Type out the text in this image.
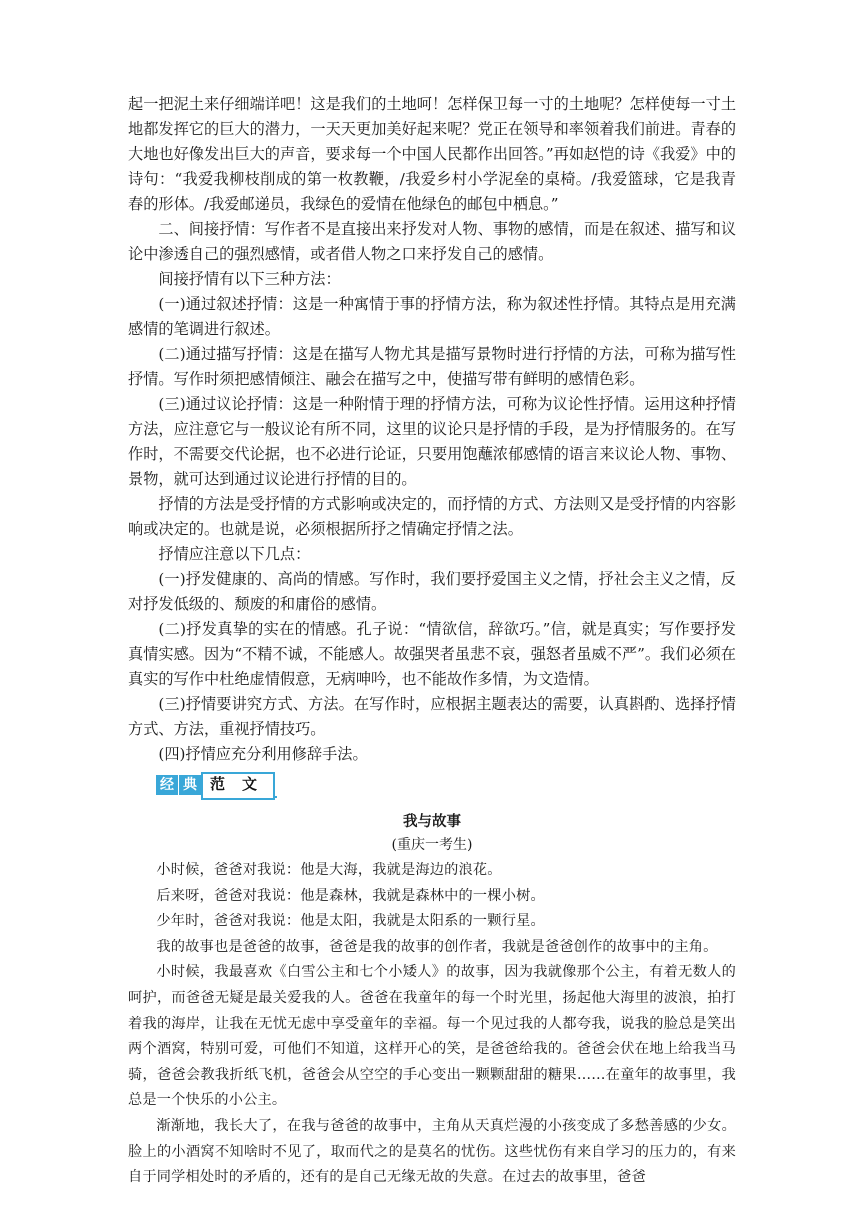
起一把泥土来仔细端详吧！这是我们的土地呵！怎样保卫每一寸的土地呢？怎样使每一寸土地都发挥它的巨大的潜力，一天天更加美好起来呢？党正在领导和率领着我们前进。青春的大地也好像发出巨大的声音，要求每一个中国人民都作出回答。”再如赵恺的诗《我爱》中的诗句：“我爱我柳枝削成的第一枚教鞭，/我爱乡村小学泥垒的桌椅。/我爱篮球，它是我青春的形体。/我爱邮递员，我绿色的爱情在他绿色的邮包中栖息。”

二、间接抒情：写作者不是直接出来抒发对人物、事物的感情，而是在叙述、描写和议论中渗透自己的强烈感情，或者借人物之口来抒发自己的感情。

间接抒情有以下三种方法：

(一)通过叙述抒情：这是一种寓情于事的抒情方法，称为叙述性抒情。其特点是用充满感情的笔调进行叙述。

(二)通过描写抒情：这是在描写人物尤其是描写景物时进行抒情的方法，可称为描写性抒情。写作时须把感情倾注、融会在描写之中，使描写带有鲜明的感情色彩。

(三)通过议论抒情：这是一种附情于理的抒情方法，可称为议论性抒情。运用这种抒情方法，应注意它与一般议论有所不同，这里的议论只是抒情的手段，是为抒情服务的。在写作时，不需要交代论据，也不必进行论证，只要用饱蘸浓郁感情的语言来议论人物、事物、景物，就可达到通过议论进行抒情的目的。

抒情的方法是受抒情的方式影响或决定的，而抒情的方式、方法则又是受抒情的内容影响或决定的。也就是说，必须根据所抒之情确定抒情之法。

抒情应注意以下几点：

(一)抒发健康的、高尚的情感。写作时，我们要抒爱国主义之情，抒社会主义之情，反对抒发低级的、颓废的和庸俗的感情。

(二)抒发真挚的实在的情感。孔子说：“情欲信，辞欲巧。”信，就是真实；写作要抒发真情实感。因为“不精不诚，不能感人。故强哭者虽悲不哀，强怒者虽威不严”。我们必须在真实的写作中杜绝虚情假意，无病呻吟，也不能故作多情，为文造情。

(三)抒情要讲究方式、方法。在写作时，应根据主题表达的需要，认真斟酌、选择抒情方式、方法，重视抒情技巧。

(四)抒情应充分利用修辞手法。

经 典 范 文
我与故事
(重庆一考生)

小时候，爸爸对我说：他是大海，我就是海边的浪花。

后来呀，爸爸对我说：他是森林，我就是森林中的一棵小树。

少年时，爸爸对我说：他是太阳，我就是太阳系的一颗行星。

我的故事也是爸爸的故事，爸爸是我的故事的创作者，我就是爸爸创作的故事中的主角。

小时候，我最喜欢《白雪公主和七个小矮人》的故事，因为我就像那个公主，有着无数人的呵护，而爸爸无疑是最关爱我的人。爸爸在我童年的每一个时光里，扬起他大海里的波浪，拍打着我的海岸，让我在无忧无虑中享受童年的幸福。每一个见过我的人都夸我，说我的脸总是笑出两个酒窝，特别可爱，可他们不知道，这样开心的笑，是爸爸给我的。爸爸会伏在地上给我当马骑，爸爸会教我折纸飞机，爸爸会从空空的手心变出一颗颗甜甜的糖果……在童年的故事里，我总是一个快乐的小公主。

渐渐地，我长大了，在我与爸爸的故事中，主角从天真烂漫的小孩变成了多愁善感的少女。脸上的小酒窝不知啥时不见了，取而代之的是莫名的忧伤。这些忧伤有来自学习的压力的，有来自于同学相处时的矛盾的，还有的是自己无缘无故的失意。在过去的故事里，爸爸
